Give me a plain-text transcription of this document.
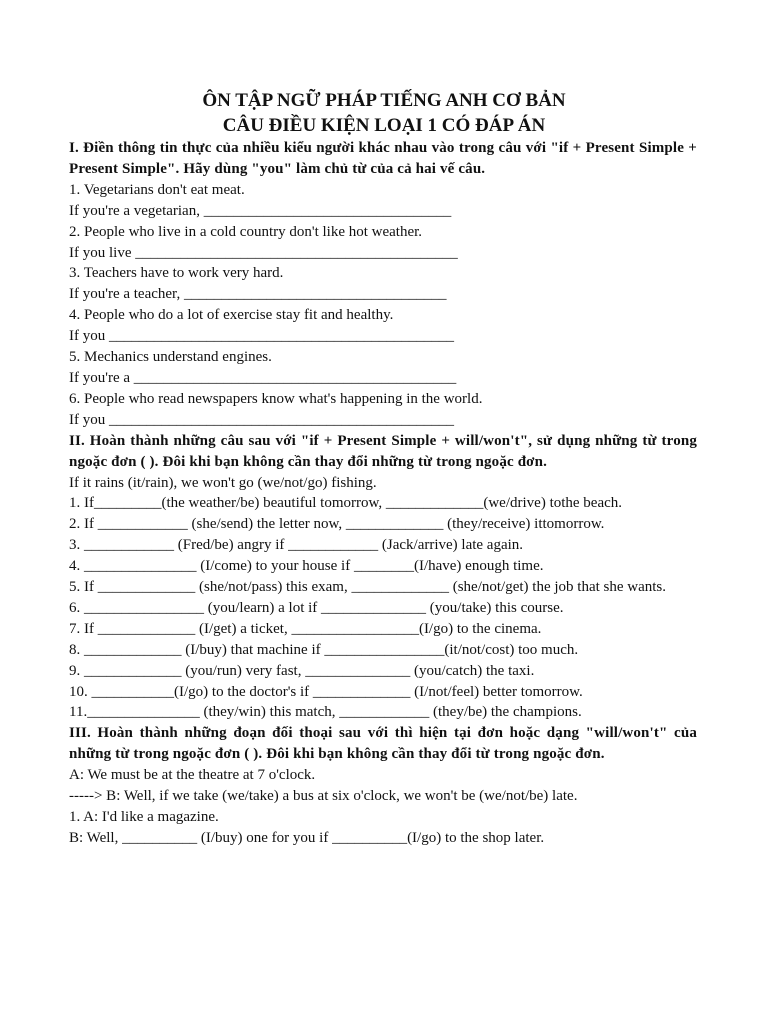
ÔN TẬP NGỮ PHÁP TIẾNG ANH CƠ BẢN
CÂU ĐIỀU KIỆN LOẠI 1 CÓ ĐÁP ÁN

I. Điền thông tin thực của nhiều kiểu người khác nhau vào trong câu với "if + Present Simple + Present Simple". Hãy dùng "you" làm chủ từ của cả hai vế câu.

1. Vegetarians don't eat meat.

If you're a vegetarian, _________________________________

2. People who live in a cold country don't like hot weather.

If you live ___________________________________________

3. Teachers have to work very hard.

If you're a teacher, ___________________________________

4. People who do a lot of exercise stay fit and healthy.

If you ______________________________________________

5. Mechanics understand engines.

If you're a ___________________________________________

6. People who read newspapers know what's happening in the world.

If you ______________________________________________

II. Hoàn thành những câu sau với "if + Present Simple + will/won't", sử dụng những từ trong ngoặc đơn ( ). Đôi khi bạn không cần thay đổi những từ trong ngoặc đơn.

If it rains (it/rain), we won't go (we/not/go) fishing.

1. If_________(the weather/be) beautiful tomorrow, _____________(we/drive) tothe beach.

2. If ____________ (she/send) the letter now, _____________ (they/receive) ittomorrow.

3. ____________ (Fred/be) angry if ____________ (Jack/arrive) late again.

4. _______________ (I/come) to your house if ________(I/have) enough time.

5. If _____________ (she/not/pass) this exam, _____________ (she/not/get) the job that she wants.

6. ________________ (you/learn) a lot if ______________ (you/take) this course.

7. If _____________ (I/get) a ticket, _________________(I/go) to the cinema.

8. _____________ (I/buy) that machine if ________________(it/not/cost) too much.

9. _____________ (you/run) very fast, ______________ (you/catch) the taxi.

10. ___________(I/go) to the doctor's if _____________ (I/not/feel) better tomorrow.

11._______________ (they/win) this match, ____________ (they/be) the champions.

III. Hoàn thành những đoạn đối thoại sau với thì hiện tại đơn hoặc dạng "will/won't" của những từ trong ngoặc đơn ( ). Đôi khi bạn không cần thay đổi từ trong ngoặc đơn.

A: We must be at the theatre at 7 o'clock.

-----> B: Well, if we take (we/take) a bus at six o'clock, we won't be (we/not/be) late.

1. A: I'd like a magazine.

B: Well, __________ (I/buy) one for you if __________(I/go) to the shop later.
